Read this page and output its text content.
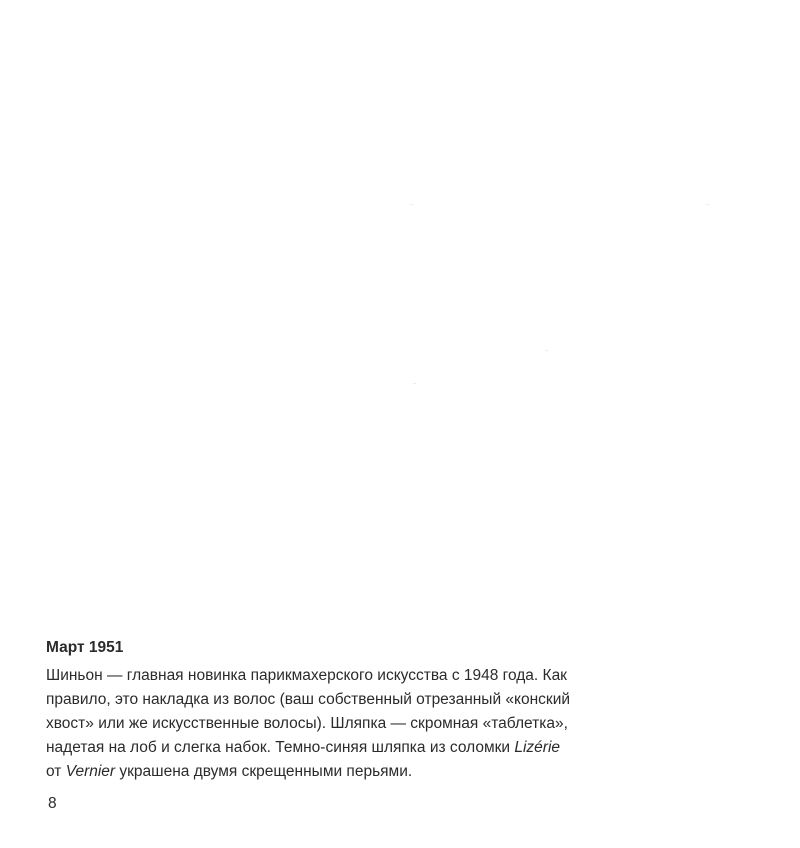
Март 1951
Шиньон — главная новинка парикмахерского искусства с 1948 года. Как
правило, это накладка из волос (ваш собственный отрезанный «конский
хвост» или же искусственные волосы). Шляпка — скромная «таблетка»,
надетая на лоб и слегка набок. Темно-синяя шляпка из соломки Lizérie
от Vernier украшена двумя скрещенными перьями.
8
